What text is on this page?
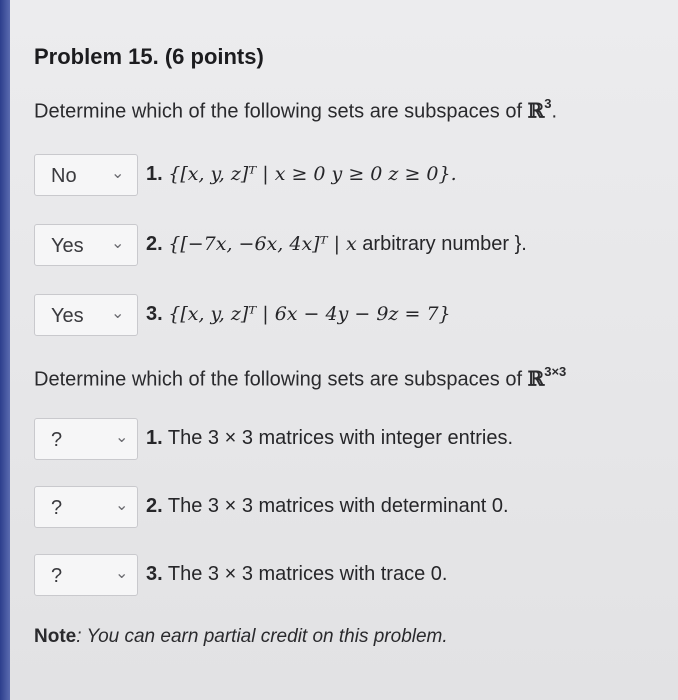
Problem 15. (6 points)
Determine which of the following sets are subspaces of ℝ$^3$.
No ⌄ 1. {[x, y, z]ᵀ | x ≥ 0 y ≥ 0 z ≥ 0}.
Yes ⌄ 2. {[−7x, −6x, 4x]ᵀ | x arbitrary number }.
Yes ⌄ 3. {[x, y, z]ᵀ | 6x − 4y − 9z = 7}
Determine which of the following sets are subspaces of ℝ$^{3\times 3}$
?	⌄ 1. The 3 × 3 matrices with integer entries.
?	⌄ 2. The 3 × 3 matrices with determinant 0.
?	⌄ 3. The 3 × 3 matrices with trace 0.
Note: You can earn partial credit on this problem.
